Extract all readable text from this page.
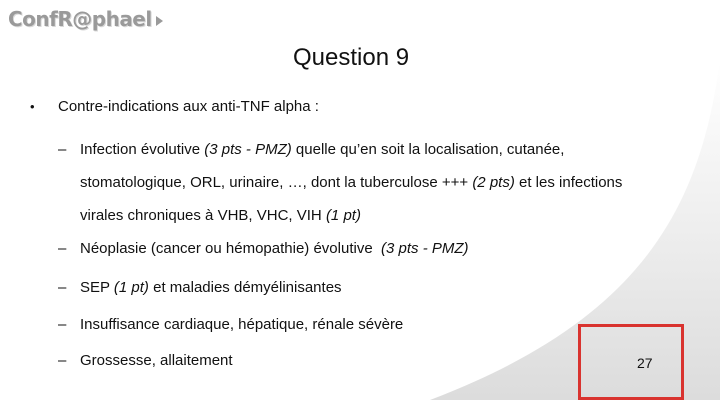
ConfR@phael
Question 9
•	Contre-indications aux anti-TNF alpha :
– Infection évolutive (3 pts - PMZ) quelle qu’en soit la localisation, cutanée,
stomatologique, ORL, urinaire, …, dont la tuberculose +++ (2 pts) et les infections
virales chroniques à VHB, VHC, VIH (1 pt)
– Néoplasie (cancer ou hémopathie) évolutive  (3 pts - PMZ)
– SEP (1 pt) et maladies démyélinisantes
– Insuffisance cardiaque, hépatique, rénale sévère
– Grossesse, allaitement	27
